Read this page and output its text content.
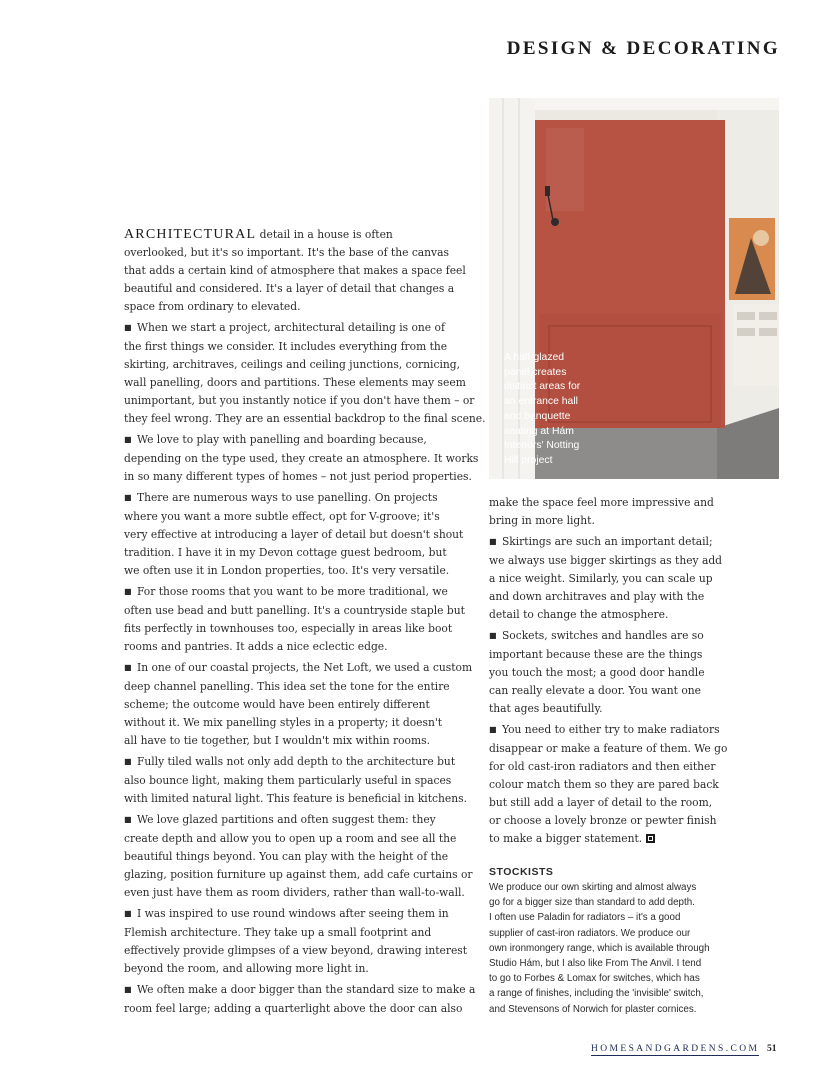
DESIGN & DECORATING
A half-glazed
panel creates
distinct areas for
an entrance hall
and banquette
seating at Hám
Interiors' Notting
Hill project
ARCHITECTURAL detail in a house is often
overlooked, but it's so important. It's the base of the canvas
that adds a certain kind of atmosphere that makes a space feel
beautiful and considered. It's a layer of detail that changes a
space from ordinary to elevated.
■ When we start a project, architectural detailing is one of
the first things we consider. It includes everything from the
skirting, architraves, ceilings and ceiling junctions, cornicing,
wall panelling, doors and partitions. These elements may seem
unimportant, but you instantly notice if you don't have them – or
they feel wrong. They are an essential backdrop to the final scene.
■ We love to play with panelling and boarding because,
depending on the type used, they create an atmosphere. It works
in so many different types of homes – not just period properties.
■ There are numerous ways to use panelling. On projects
where you want a more subtle effect, opt for V-groove; it's
very effective at introducing a layer of detail but doesn't shout
tradition. I have it in my Devon cottage guest bedroom, but
we often use it in London properties, too. It's very versatile.
■ For those rooms that you want to be more traditional, we
often use bead and butt panelling. It's a countryside staple but
fits perfectly in townhouses too, especially in areas like boot
rooms and pantries. It adds a nice eclectic edge.
■ In one of our coastal projects, the Net Loft, we used a custom
deep channel panelling. This idea set the tone for the entire
scheme; the outcome would have been entirely different
without it. We mix panelling styles in a property; it doesn't
all have to tie together, but I wouldn't mix within rooms.
■ Fully tiled walls not only add depth to the architecture but
also bounce light, making them particularly useful in spaces
with limited natural light. This feature is beneficial in kitchens.
■ We love glazed partitions and often suggest them: they
create depth and allow you to open up a room and see all the
beautiful things beyond. You can play with the height of the
glazing, position furniture up against them, add cafe curtains or
even just have them as room dividers, rather than wall-to-wall.
■ I was inspired to use round windows after seeing them in
Flemish architecture. They take up a small footprint and
effectively provide glimpses of a view beyond, drawing interest
beyond the room, and allowing more light in.
■ We often make a door bigger than the standard size to make a
room feel large; adding a quarterlight above the door can also
make the space feel more impressive and
bring in more light.
■ Skirtings are such an important detail;
we always use bigger skirtings as they add
a nice weight. Similarly, you can scale up
and down architraves and play with the
detail to change the atmosphere.
■ Sockets, switches and handles are so
important because these are the things
you touch the most; a good door handle
can really elevate a door. You want one
that ages beautifully.
■ You need to either try to make radiators
disappear or make a feature of them. We go
for old cast-iron radiators and then either
colour match them so they are pared back
but still add a layer of detail to the room,
or choose a lovely bronze or pewter finish
to make a bigger statement.
STOCKISTS
We produce our own skirting and almost always
go for a bigger size than standard to add depth.
I often use Paladin for radiators – it's a good
supplier of cast-iron radiators. We produce our
own ironmongery range, which is available through
Studio Hám, but I also like From The Anvil. I tend
to go to Forbes & Lomax for switches, which has
a range of finishes, including the 'invisible' switch,
and Stevensons of Norwich for plaster cornices.
HOMESANDGARDENS.COM 51
